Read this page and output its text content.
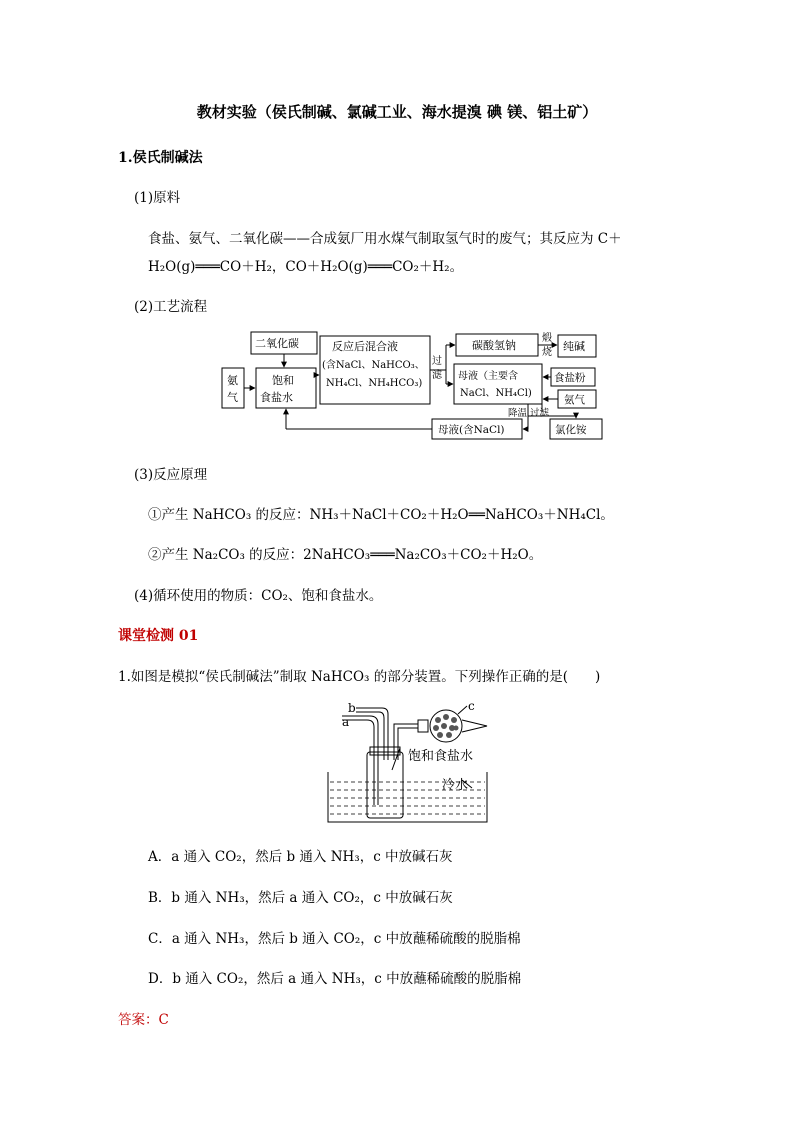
教材实验（侯氏制碱、氯碱工业、海水提溴 碘 镁、铝土矿）
1.侯氏制碱法
(1)原料
食盐、氨气、二氧化碳——合成氨厂用水煤气制取氢气时的废气；其反应为 C＋
H₂O(g)═══CO＋H₂，CO＋H₂O(g)═══CO₂＋H₂。
(2)工艺流程
二氧化碳
氨
气
饱和
食盐水
反应后混合液
(含NaCl、NaHCO₃、
NH₄Cl、NH₄HCO₃)
过
滤
碳酸氢钠
煅
烧 纯碱
母液（主要含
NaCl、NH₄Cl)
食盐粉
氨气
降温 过滤
母液(含NaCl)	氯化铵
(3)反应原理
①产生 NaHCO₃ 的反应：NH₃＋NaCl＋CO₂＋H₂O══NaHCO₃＋NH₄Cl。
②产生 Na₂CO₃ 的反应：2NaHCO₃═══Na₂CO₃＋CO₂＋H₂O。
(4)循环使用的物质：CO₂、饱和食盐水。
课堂检测 01
1.如图是模拟“侯氏制碱法”制取 NaHCO₃ 的部分装置。下列操作正确的是(　　)
a
b	c
饱和食盐水
冷水
A．a 通入 CO₂，然后 b 通入 NH₃，c 中放碱石灰
B．b 通入 NH₃，然后 a 通入 CO₂，c 中放碱石灰
C．a 通入 NH₃，然后 b 通入 CO₂，c 中放蘸稀硫酸的脱脂棉
D．b 通入 CO₂，然后 a 通入 NH₃，c 中放蘸稀硫酸的脱脂棉
答案：C
